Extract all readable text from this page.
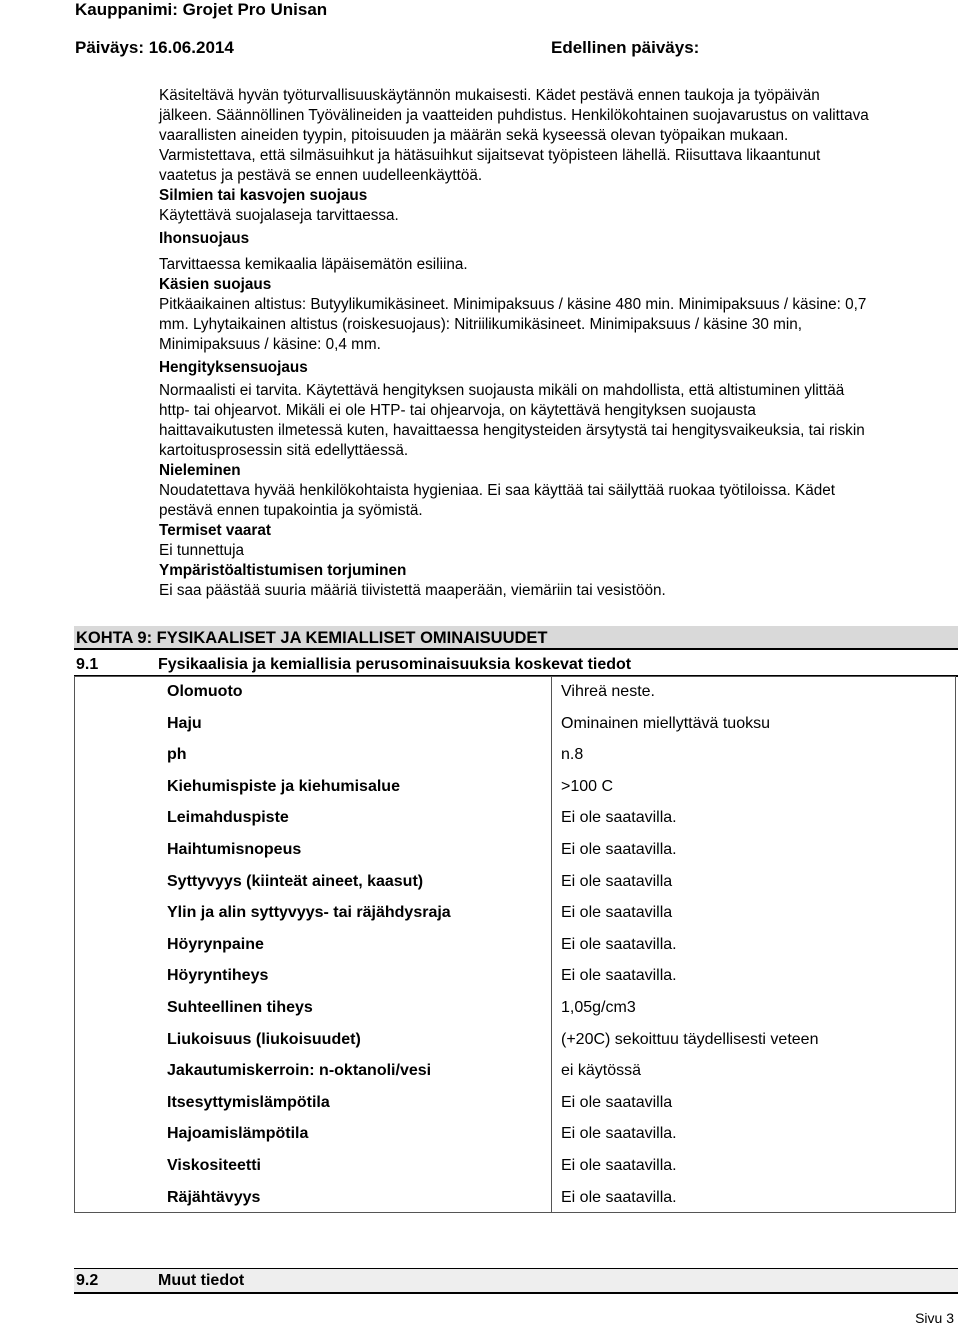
Kauppanimi: Grojet Pro Unisan
Päiväys: 16.06.2014	Edellinen päiväys:
Käsiteltävä hyvän työturvallisuuskäytännön mukaisesti. Kädet pestävä ennen taukoja ja työpäivän
jälkeen. Säännöllinen Työvälineiden ja vaatteiden puhdistus. Henkilökohtainen suojavarustus on valittava
vaarallisten aineiden tyypin, pitoisuuden ja määrän sekä kyseessä olevan työpaikan mukaan.
Varmistettava, että silmäsuihkut ja hätäsuihkut sijaitsevat työpisteen lähellä. Riisuttava likaantunut
vaatetus ja pestävä se ennen uudelleenkäyttöä.
Silmien tai kasvojen suojaus
Käytettävä suojalaseja tarvittaessa.
Ihonsuojaus
Tarvittaessa kemikaalia läpäisemätön esiliina.
Käsien suojaus
Pitkäaikainen altistus: Butyylikumikäsineet. Minimipaksuus / käsine 480 min. Minimipaksuus / käsine: 0,7
mm. Lyhytaikainen altistus (roiskesuojaus): Nitriilikumikäsineet. Minimipaksuus / käsine 30 min,
Minimipaksuus / käsine: 0,4 mm.
Hengityksensuojaus
Normaalisti ei tarvita. Käytettävä hengityksen suojausta mikäli on mahdollista, että altistuminen ylittää
http- tai ohjearvot. Mikäli ei ole HTP- tai ohjearvoja, on käytettävä hengityksen suojausta
haittavaikutusten ilmetessä kuten, havaittaessa hengitysteiden ärsytystä tai hengitysvaikeuksia, tai riskin
kartoitusprosessin sitä edellyttäessä.
Nieleminen
Noudatettava hyvää henkilökohtaista hygieniaa. Ei saa käyttää tai säilyttää ruokaa työtiloissa. Kädet
pestävä ennen tupakointia ja syömistä.
Termiset vaarat
Ei tunnettuja
Ympäristöaltistumisen torjuminen
Ei saa päästää suuria määriä tiivistettä maaperään, viemäriin tai vesistöön.
KOHTA 9: FYSIKAALISET JA KEMIALLISET OMINAISUUDET
9.1	Fysikaalisia ja kemiallisia perusominaisuuksia koskevat tiedot
Olomuoto	Vihreä neste.
Haju	Ominainen miellyttävä tuoksu
ph	n.8
Kiehumispiste ja kiehumisalue	>100 C
Leimahduspiste	Ei ole saatavilla.
Haihtumisnopeus	Ei ole saatavilla.
Syttyvyys (kiinteät aineet, kaasut)	Ei ole saatavilla
Ylin ja alin syttyvyys- tai räjähdysraja	Ei ole saatavilla
Höyrynpaine	Ei ole saatavilla.
Höyryntiheys	Ei ole saatavilla.
Suhteellinen tiheys	1,05g/cm3
Liukoisuus (liukoisuudet)	(+20C) sekoittuu täydellisesti veteen
Jakautumiskerroin: n-oktanoli/vesi	ei käytössä
Itsesyttymislämpötila	Ei ole saatavilla
Hajoamislämpötila	Ei ole saatavilla.
Viskositeetti	Ei ole saatavilla.
Räjähtävyys	Ei ole saatavilla.
9.2	Muut tiedot
Sivu 3
